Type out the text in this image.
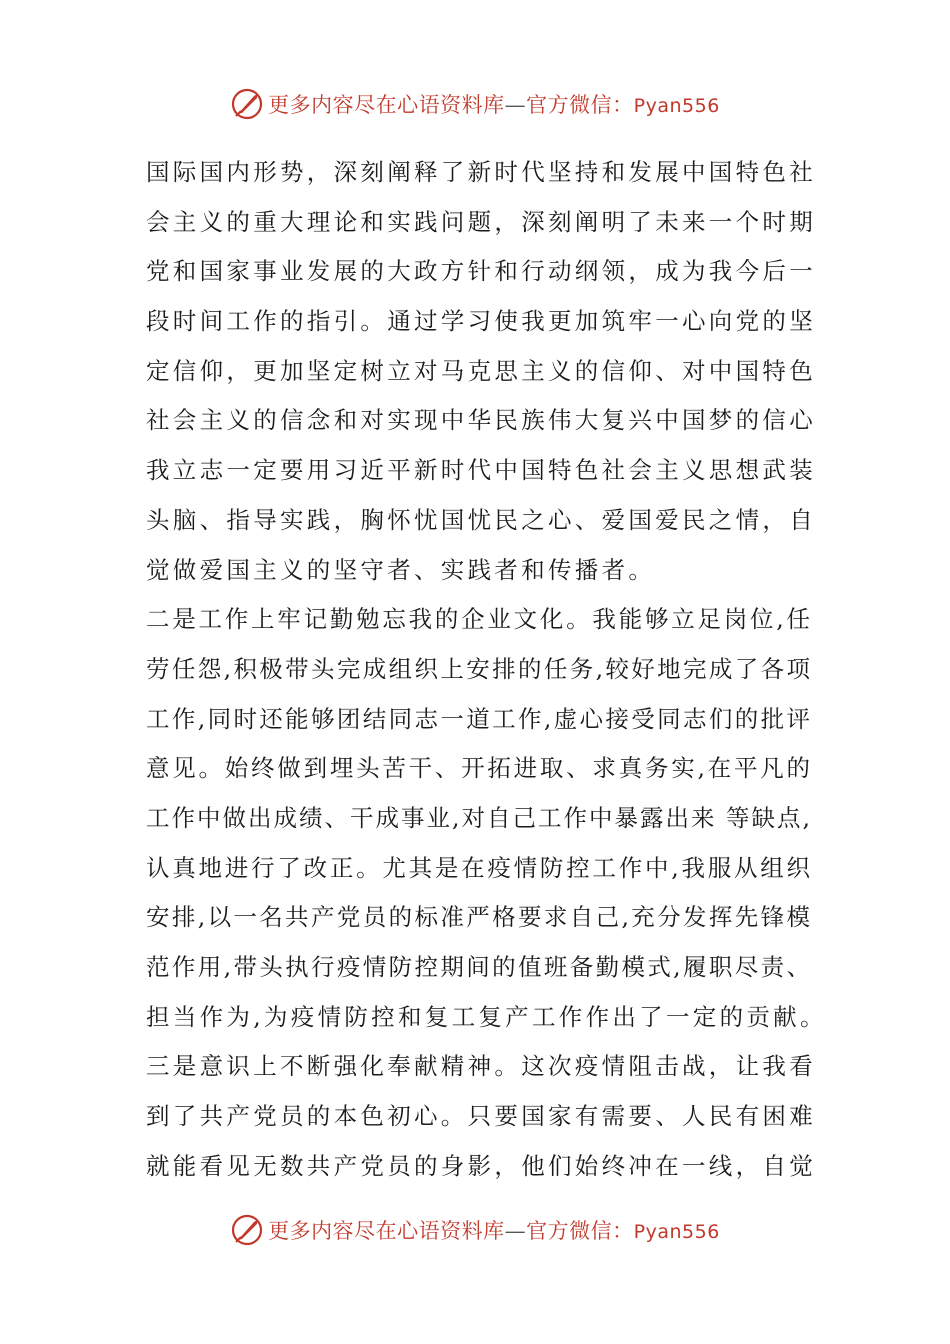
更多内容尽在心语资料库—官方微信：Pyan556
国际国内形势，深刻阐释了新时代坚持和发展中国特色社
会主义的重大理论和实践问题，深刻阐明了未来一个时期
党和国家事业发展的大政方针和行动纲领，成为我今后一
段时间工作的指引。通过学习使我更加筑牢一心向党的坚
定信仰，更加坚定树立对马克思主义的信仰、对中国特色
社会主义的信念和对实现中华民族伟大复兴中国梦的信心
我立志一定要用习近平新时代中国特色社会主义思想武装
头脑、指导实践，胸怀忧国忧民之心、爱国爱民之情，自
觉做爱国主义的坚守者、实践者和传播者。
二是工作上牢记勤勉忘我的企业文化。我能够立足岗位,任
劳任怨,积极带头完成组织上安排的任务,较好地完成了各项
工作,同时还能够团结同志一道工作,虚心接受同志们的批评
意见。始终做到埋头苦干、开拓进取、求真务实,在平凡的
工作中做出成绩、干成事业,对自己工作中暴露出来 等缺点,
认真地进行了改正。尤其是在疫情防控工作中,我服从组织
安排,以一名共产党员的标准严格要求自己,充分发挥先锋模
范作用,带头执行疫情防控期间的值班备勤模式,履职尽责、
担当作为,为疫情防控和复工复产工作作出了一定的贡献。
三是意识上不断强化奉献精神。这次疫情阻击战，让我看
到了共产党员的本色初心。只要国家有需要、人民有困难
就能看见无数共产党员的身影，他们始终冲在一线，自觉
更多内容尽在心语资料库—官方微信：Pyan556
